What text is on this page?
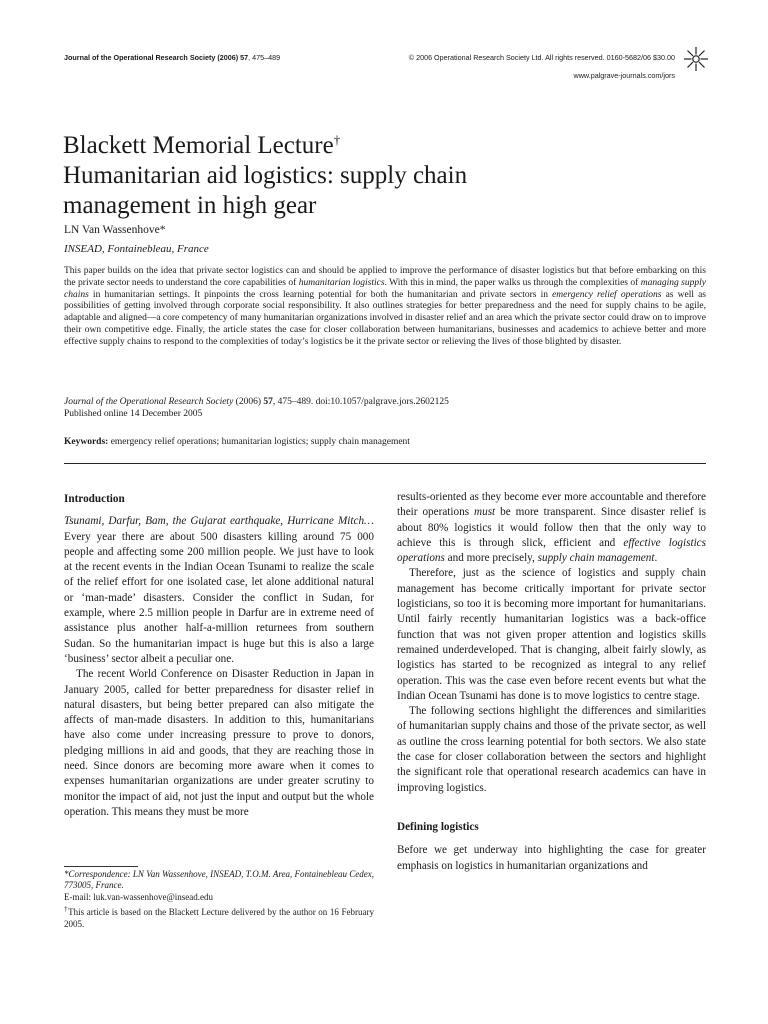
Journal of the Operational Research Society (2006) 57, 475–489	© 2006 Operational Research Society Ltd. All rights reserved. 0160-5682/06 $30.00
www.palgrave-journals.com/jors
Blackett Memorial Lecture†
Humanitarian aid logistics: supply chain
management in high gear
LN Van Wassenhove*
INSEAD, Fontainebleau, France

This paper builds on the idea that private sector logistics can and should be applied to improve the performance of disaster logistics but that before embarking on this the private sector needs to understand the core capabilities of humanitarian logistics. With this in mind, the paper walks us through the complexities of managing supply chains in humanitarian settings. It pinpoints the cross learning potential for both the humanitarian and private sectors in emergency relief operations as well as possibilities of getting involved through corporate social responsibility. It also outlines strategies for better preparedness and the need for supply chains to be agile, adaptable and aligned—a core competency of many humanitarian organizations involved in disaster relief and an area which the private sector could draw on to improve their own competitive edge. Finally, the article states the case for closer collaboration between humanitarians, businesses and academics to achieve better and more effective supply chains to respond to the complexities of today’s logistics be it the private sector or relieving the lives of those blighted by disaster.

Journal of the Operational Research Society (2006) 57, 475–489. doi:10.1057/palgrave.jors.2602125
Published online 14 December 2005

Keywords: emergency relief operations; humanitarian logistics; supply chain management
Introduction

Tsunami, Darfur, Bam, the Gujarat earthquake, Hurricane Mitch… Every year there are about 500 disasters killing around 75 000 people and affecting some 200 million people. We just have to look at the recent events in the Indian Ocean Tsunami to realize the scale of the relief effort for one isolated case, let alone additional natural or ‘man-made’ disasters. Consider the conflict in Sudan, for example, where 2.5 million people in Darfur are in extreme need of assistance plus another half-a-million returnees from southern Sudan. So the humanitarian impact is huge but this is also a large ‘business’ sector albeit a peculiar one.

The recent World Conference on Disaster Reduction in Japan in January 2005, called for better preparedness for disaster relief in natural disasters, but being better prepared can also mitigate the affects of man-made disasters. In addition to this, humanitarians have also come under increasing pressure to prove to donors, pledging millions in aid and goods, that they are reaching those in need. Since donors are becoming more aware when it comes to expenses humanitarian organizations are under greater scrutiny to monitor the impact of aid, not just the input and output but the whole operation. This means they must be more

*Correspondence: LN Van Wassenhove, INSEAD, T.O.M. Area, Fontainebleau Cedex, 773005, France.

E-mail: luk.van-wassenhove@insead.edu

†This article is based on the Blackett Lecture delivered by the author on 16 February 2005.

results-oriented as they become ever more accountable and therefore their operations must be more transparent. Since disaster relief is about 80% logistics it would follow then that the only way to achieve this is through slick, efficient and effective logistics operations and more precisely, supply chain management.

Therefore, just as the science of logistics and supply chain management has become critically important for private sector logisticians, so too it is becoming more important for humanitarians. Until fairly recently humanitarian logistics was a back-office function that was not given proper attention and logistics skills remained underdeveloped. That is changing, albeit fairly slowly, as logistics has started to be recognized as integral to any relief operation. This was the case even before recent events but what the Indian Ocean Tsunami has done is to move logistics to centre stage.

The following sections highlight the differences and similarities of humanitarian supply chains and those of the private sector, as well as outline the cross learning potential for both sectors. We also state the case for closer collaboration between the sectors and highlight the significant role that operational research academics can have in improving logistics.

Defining logistics

Before we get underway into highlighting the case for greater emphasis on logistics in humanitarian organizations and
